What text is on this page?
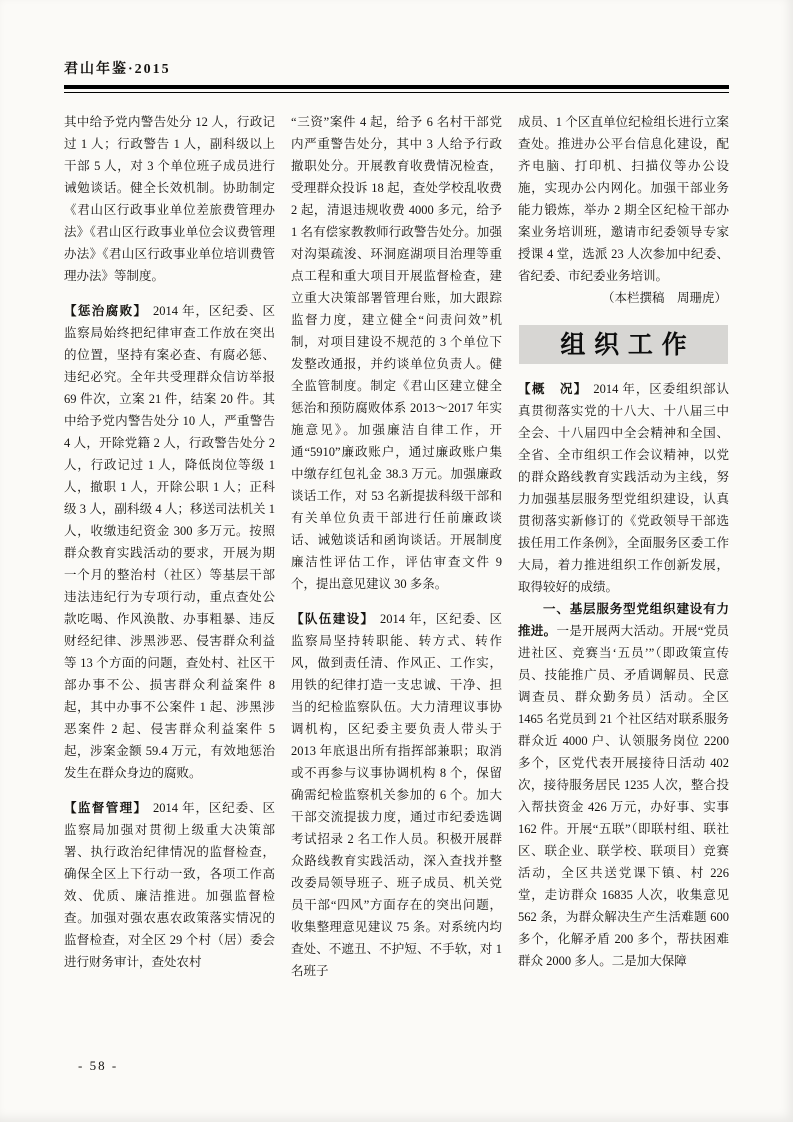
君山年鉴·2015

其中给予党内警告处分 12 人，行政记过 1 人；行政警告 1 人，副科级以上干部 5 人，对 3 个单位班子成员进行诫勉谈话。健全长效机制。协助制定《君山区行政事业单位差旅费管理办法》《君山区行政事业单位会议费管理办法》《君山区行政事业单位培训费管理办法》等制度。

【惩治腐败】 2014 年，区纪委、区监察局始终把纪律审查工作放在突出的位置，坚持有案必查、有腐必惩、违纪必究。全年共受理群众信访举报 69 件次，立案 21 件，结案 20 件。其中给予党内警告处分 10 人，严重警告 4 人，开除党籍 2 人，行政警告处分 2 人，行政记过 1 人，降低岗位等级 1 人，撤职 1 人，开除公职 1 人；正科级 3 人，副科级 4 人；移送司法机关 1 人，收缴违纪资金 300 多万元。按照群众教育实践活动的要求，开展为期一个月的整治村（社区）等基层干部违法违纪行为专项行动，重点查处公款吃喝、作风涣散、办事粗暴、违反财经纪律、涉黑涉恶、侵害群众利益等 13 个方面的问题，查处村、社区干部办事不公、损害群众利益案件 8 起，其中办事不公案件 1 起、涉黑涉恶案件 2 起、侵害群众利益案件 5 起，涉案金额 59.4 万元，有效地惩治发生在群众身边的腐败。

【监督管理】 2014 年，区纪委、区监察局加强对贯彻上级重大决策部署、执行政治纪律情况的监督检查，确保全区上下行动一致，各项工作高效、优质、廉洁推进。加强监督检查。加强对强农惠农政策落实情况的监督检查，对全区 29 个村（居）委会进行财务审计，查处农村

“三资”案件 4 起，给予 6 名村干部党内严重警告处分，其中 3 人给予行政撤职处分。开展教育收费情况检查，受理群众投诉 18 起，查处学校乱收费 2 起，清退违规收费 4000 多元，给予 1 名有偿家教教师行政警告处分。加强对沟渠疏浚、环洞庭湖项目治理等重点工程和重大项目开展监督检查，建立重大决策部署管理台账，加大跟踪监督力度，建立健全“问责问效”机制，对项目建设不规范的 3 个单位下发整改通报，并约谈单位负责人。健全监管制度。制定《君山区建立健全惩治和预防腐败体系 2013～2017 年实施意见》。加强廉洁自律工作，开通“5910”廉政账户，通过廉政账户集中缴存红包礼金 38.3 万元。加强廉政谈话工作，对 53 名新提拔科级干部和有关单位负责干部进行任前廉政谈话、诫勉谈话和函询谈话。开展制度廉洁性评估工作，评估审查文件 9 个，提出意见建议 30 多条。

【队伍建设】 2014 年，区纪委、区监察局坚持转职能、转方式、转作风，做到责任清、作风正、工作实，用铁的纪律打造一支忠诚、干净、担当的纪检监察队伍。大力清理议事协调机构，区纪委主要负责人带头于 2013 年底退出所有指挥部兼职；取消或不再参与议事协调机构 8 个，保留确需纪检监察机关参加的 6 个。加大干部交流提拔力度，通过市纪委选调考试招录 2 名工作人员。积极开展群众路线教育实践活动，深入查找并整改委局领导班子、班子成员、机关党员干部“四风”方面存在的突出问题，收集整理意见建议 75 条。对系统内均查处、不遮丑、不护短、不手软，对 1 名班子

成员、1 个区直单位纪检组长进行立案查处。推进办公平台信息化建设，配齐电脑、打印机、扫描仪等办公设施，实现办公内网化。加强干部业务能力锻炼，举办 2 期全区纪检干部办案业务培训班，邀请市纪委领导专家授课 4 堂，选派 23 人次参加中纪委、省纪委、市纪委业务培训。

（本栏撰稿　周珊虎）

组织工作

【概　况】 2014 年，区委组织部认真贯彻落实党的十八大、十八届三中全会、十八届四中全会精神和全国、全省、全市组织工作会议精神，以党的群众路线教育实践活动为主线，努力加强基层服务型党组织建设，认真贯彻落实新修订的《党政领导干部选拔任用工作条例》，全面服务区委工作大局，着力推进组织工作创新发展，取得较好的成绩。

一、基层服务型党组织建设有力推进。一是开展两大活动。开展“党员进社区、竞赛当‘五员’”（即政策宣传员、技能推广员、矛盾调解员、民意调查员、群众勤务员）活动。全区 1465 名党员到 21 个社区结对联系服务群众近 4000 户、认领服务岗位 2200 多个，区党代表开展接待日活动 402 次，接待服务居民 1235 人次，整合投入帮扶资金 426 万元，办好事、实事 162 件。开展“五联”（即联村组、联社区、联企业、联学校、联项目）竞赛活动，全区共送党课下镇、村 226 堂，走访群众 16835 人次，收集意见 562 条，为群众解决生产生活难题 600 多个，化解矛盾 200 多个，帮扶困难群众 2000 多人。二是加大保障

- 58 -
